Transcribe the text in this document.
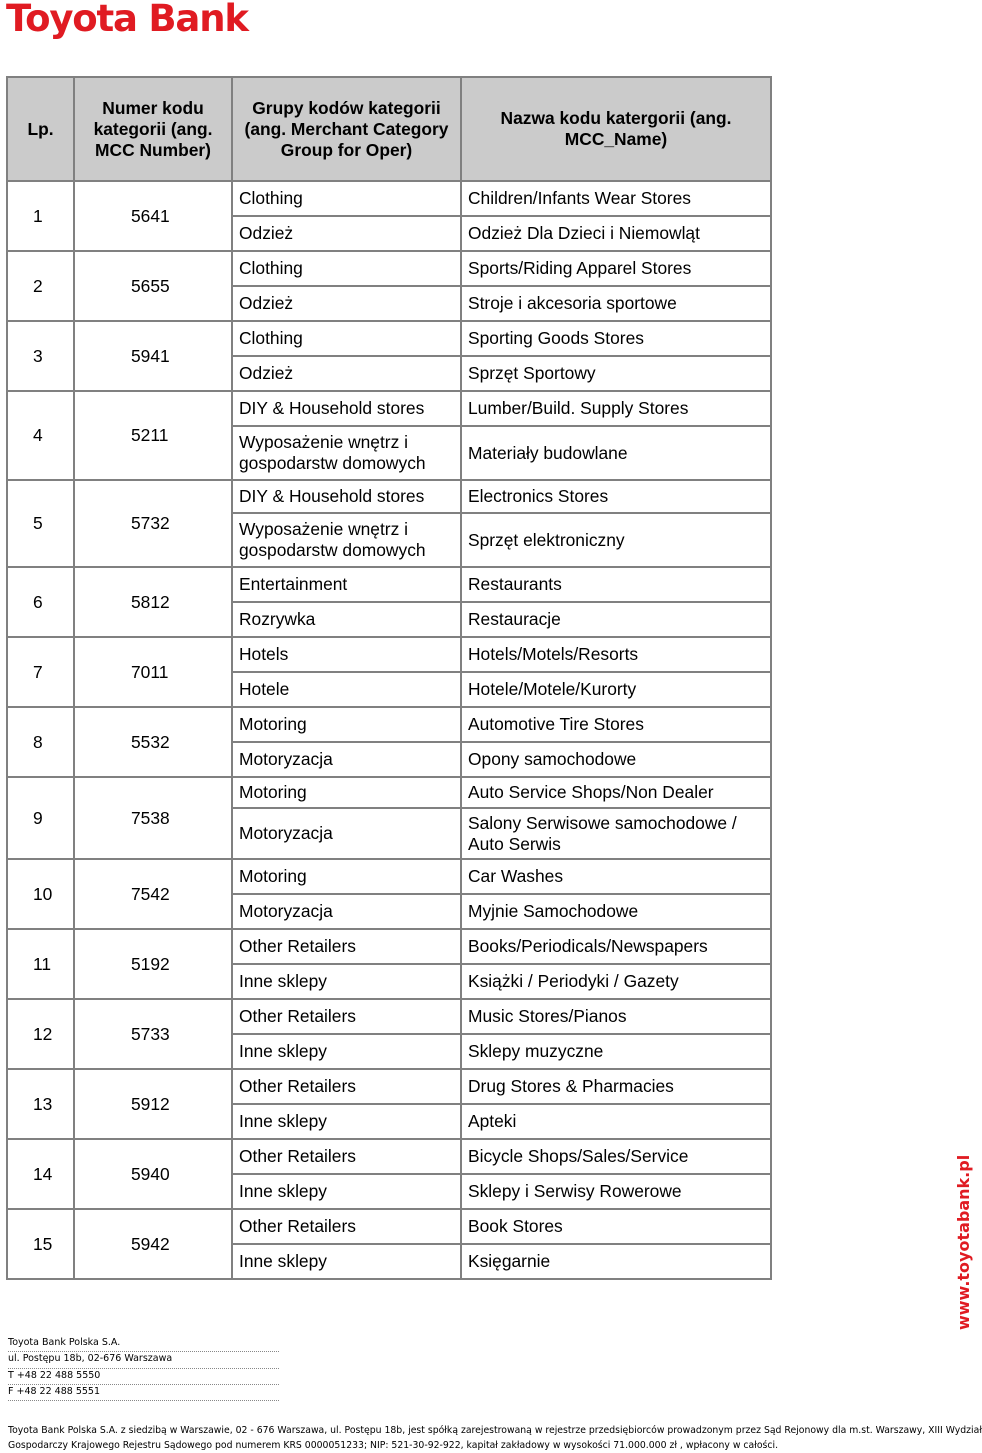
Toyota Bank
Lp.	Numer kodu kategorii (ang. MCC Number)	Grupy kodów kategorii (ang. Merchant Category Group for Oper)	Nazwa kodu katergorii (ang. MCC_Name)
1	5641	Clothing	Children/Infants Wear Stores
		Odzież	Odzież Dla Dzieci i Niemowląt
2	5655	Clothing	Sports/Riding Apparel Stores
		Odzież	Stroje i akcesoria sportowe
3	5941	Clothing	Sporting Goods Stores
		Odzież	Sprzęt Sportowy
4	5211	DIY & Household stores	Lumber/Build. Supply Stores
		Wyposażenie wnętrz i gospodarstw domowych	Materiały budowlane
5	5732	DIY & Household stores	Electronics Stores
		Wyposażenie wnętrz i gospodarstw domowych	Sprzęt elektroniczny
6	5812	Entertainment	Restaurants
		Rozrywka	Restauracje
7	7011	Hotels	Hotels/Motels/Resorts
		Hotele	Hotele/Motele/Kurorty
8	5532	Motoring	Automotive Tire Stores
		Motoryzacja	Opony samochodowe
9	7538	Motoring	Auto Service Shops/Non Dealer
		Motoryzacja	Salony Serwisowe samochodowe / Auto Serwis
10	7542	Motoring	Car Washes
		Motoryzacja	Myjnie Samochodowe
11	5192	Other Retailers	Books/Periodicals/Newspapers
		Inne sklepy	Książki / Periodyki / Gazety
12	5733	Other Retailers	Music Stores/Pianos
		Inne sklepy	Sklepy muzyczne
13	5912	Other Retailers	Drug Stores & Pharmacies
		Inne sklepy	Apteki
14	5940	Other Retailers	Bicycle Shops/Sales/Service
		Inne sklepy	Sklepy i Serwisy Rowerowe
15	5942	Other Retailers	Book Stores
		Inne sklepy	Księgarnie	www.toyotabank.pl
Toyota Bank Polska S.A.
ul. Postępu 18b, 02-676 Warszawa
T +48 22 488 5550
F +48 22 488 5551
Toyota Bank Polska S.A. z siedzibą w Warszawie, 02 - 676 Warszawa, ul. Postępu 18b, jest spółką zarejestrowaną w rejestrze przedsiębiorców prowadzonym przez Sąd Rejonowy dla m.st. Warszawy, XIII Wydział
Gospodarczy Krajowego Rejestru Sądowego pod numerem KRS 0000051233; NIP: 521-30-92-922, kapitał zakładowy w wysokości 71.000.000 zł , wpłacony w całości.
